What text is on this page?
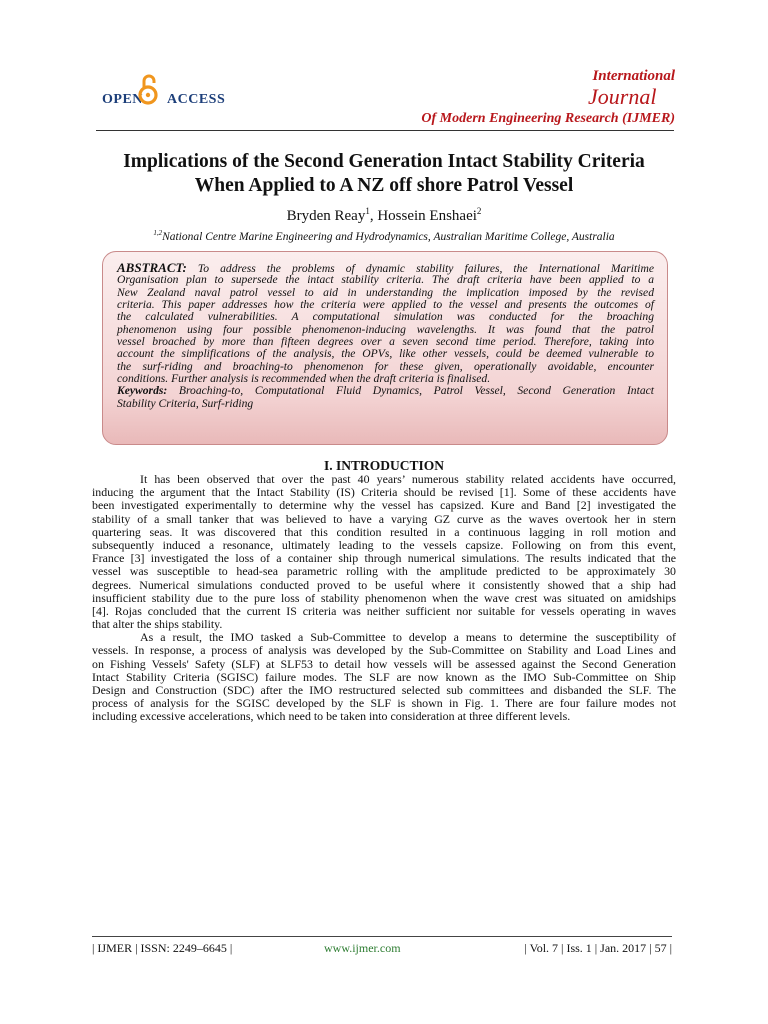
OPEN ACCESS
International
Journal
Of Modern Engineering Research (IJMER)
Implications of the Second Generation Intact Stability Criteria
When Applied to A NZ off shore Patrol Vessel
Bryden Reay$^1$, Hossein Enshaei$^2$
$^{1,2}$National Centre Marine Engineering and Hydrodynamics, Australian Maritime College, Australia
ABSTRACT: To address the problems of dynamic stability failures, the International Maritime
Organisation plan to supersede the intact stability criteria. The draft criteria have been applied to a
New Zealand naval patrol vessel to aid in understanding the implication imposed by the revised
criteria. This paper addresses how the criteria were applied to the vessel and presents the outcomes of
the calculated vulnerabilities. A computational simulation was conducted for the broaching
phenomenon using four possible phenomenon-inducing wavelengths. It was found that the patrol
vessel broached by more than fifteen degrees over a seven second time period. Therefore, taking into
account the simplifications of the analysis, the OPVs, like other vessels, could be deemed vulnerable to
the surf-riding and broaching-to phenomenon for these given, operationally avoidable, encounter
conditions. Further analysis is recommended when the draft criteria is finalised.
Keywords: Broaching-to, Computational Fluid Dynamics, Patrol Vessel, Second Generation Intact
Stability Criteria, Surf-riding
I. INTRODUCTION

It has been observed that over the past 40 years’ numerous stability related accidents have occurred,
inducing the argument that the Intact Stability (IS) Criteria should be revised [1]. Some of these accidents have
been investigated experimentally to determine why the vessel has capsized. Kure and Band [2] investigated the
stability of a small tanker that was believed to have a varying GZ curve as the waves overtook her in stern
quartering seas. It was discovered that this condition resulted in a continuous lagging in roll motion and
subsequently induced a resonance, ultimately leading to the vessels capsize. Following on from this event,
France [3] investigated the loss of a container ship through numerical simulations. The results indicated that the
vessel was susceptible to head-sea parametric rolling with the amplitude predicted to be approximately 30
degrees. Numerical simulations conducted proved to be useful where it consistently showed that a ship had
insufficient stability due to the pure loss of stability phenomenon when the wave crest was situated on amidships
[4]. Rojas concluded that the current IS criteria was neither sufficient nor suitable for vessels operating in waves
that alter the ships stability.

As a result, the IMO tasked a Sub-Committee to develop a means to determine the susceptibility of
vessels. In response, a process of analysis was developed by the Sub-Committee on Stability and Load Lines and
on Fishing Vessels' Safety (SLF) at SLF53 to detail how vessels will be assessed against the Second Generation
Intact Stability Criteria (SGISC) failure modes. The SLF are now known as the IMO Sub-Committee on Ship
Design and Construction (SDC) after the IMO restructured selected sub committees and disbanded the SLF. The
process of analysis for the SGISC developed by the SLF is shown in Fig. 1. There are four failure modes not
including excessive accelerations, which need to be taken into consideration at three different levels.

| IJMER | ISSN: 2249–6645 |	www.ijmer.com	| Vol. 7 | Iss. 1 | Jan. 2017 | 57 |
